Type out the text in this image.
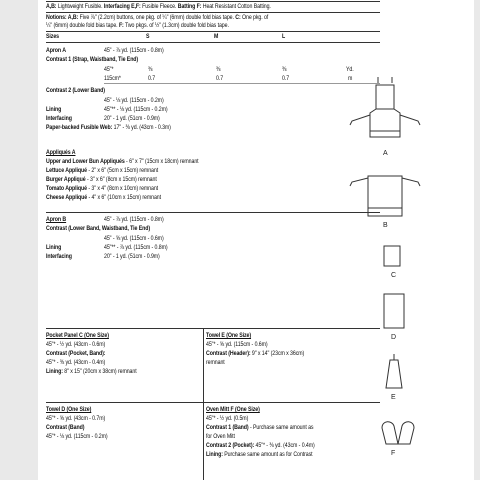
A,B: Lightweight Fusible. Interfacing E,F: Fusible Fleece. Batting F: Heat Resistant Cotton Batting.
Notions: A,B: Five ⅞" (2.2cm) buttons, one pkg. of ¼" (6mm) double fold bias tape. C: One pkg. of
¼" (6mm) double fold bias tape. F: Two pkgs. of ½" (1.3cm) double fold bias tape.
Sizes	S	M	L
Apron A	45" - ⅞ yd. (115cm - 0.8m)
Contrast 1 (Strap, Waistband, Tie End)
45"*	⅜	⅜	⅜	Yd.
115cm*	0.7	0.7	0.7	m
Contrast 2 (Lower Band)
45" - ⅛ yd. (115cm - 0.2m)
Lining	45"** - ⅛ yd. (115cm - 0.2m)
Interfacing	20" - 1 yd. (51cm - 0.9m)
Paper-backed Fusible Web: 17" - ⅜ yd. (43cm - 0.3m)
Appliqués A
Upper and Lower Bun Appliqués - 6" x 7" (15cm x 18cm) remnant
Lettuce Appliqué - 2" x 6" (5cm x 15cm) remnant
Burger Appliqué - 3" x 6" (8cm x 15cm) remnant
Tomato Appliqué - 3" x 4" (8cm x 10cm) remnant
Cheese Appliqué - 4" x 6" (10cm x 15cm) remnant
Apron B	45" - ⅞ yd. (115cm - 0.8m)
Contrast (Lower Band, Waistband, Tie End)
45" - ⅝ yd. (115cm - 0.6m)
Lining	45"** - ⅞ yd. (115cm - 0.8m)
Interfacing	20" - 1 yd. (51cm - 0.9m)
Pocket Panel C (One Size)
45"* - ½ yd. (43cm - 0.6m)
Contrast (Pocket, Band):
45"* - ⅜ yd. (43cm - 0.4m)
Lining: 8" x 15" (20cm x 38cm) remnant
Towel E (One Size)
45"* - ⅝ yd. (115cm - 0.6m)
Contrast (Header): 9" x 14" (23cm x 36cm)
remnant
Towel D (One Size)
45"* - ⅝ yd. (43cm - 0.7m)
Contrast (Band)
45"* - ⅛ yd. (115cm - 0.2m)
Oven Mitt F (One Size)
45"* - ½ yd. (0.5m)
Contrast 1 (Band) - Purchase same amount as
for Oven Mitt
Contrast 2 (Pocket): 45"* - ⅜ yd. (43cm - 0.4m)
Lining: Purchase same amount as for Contrast
A
B
C
D
E
F
